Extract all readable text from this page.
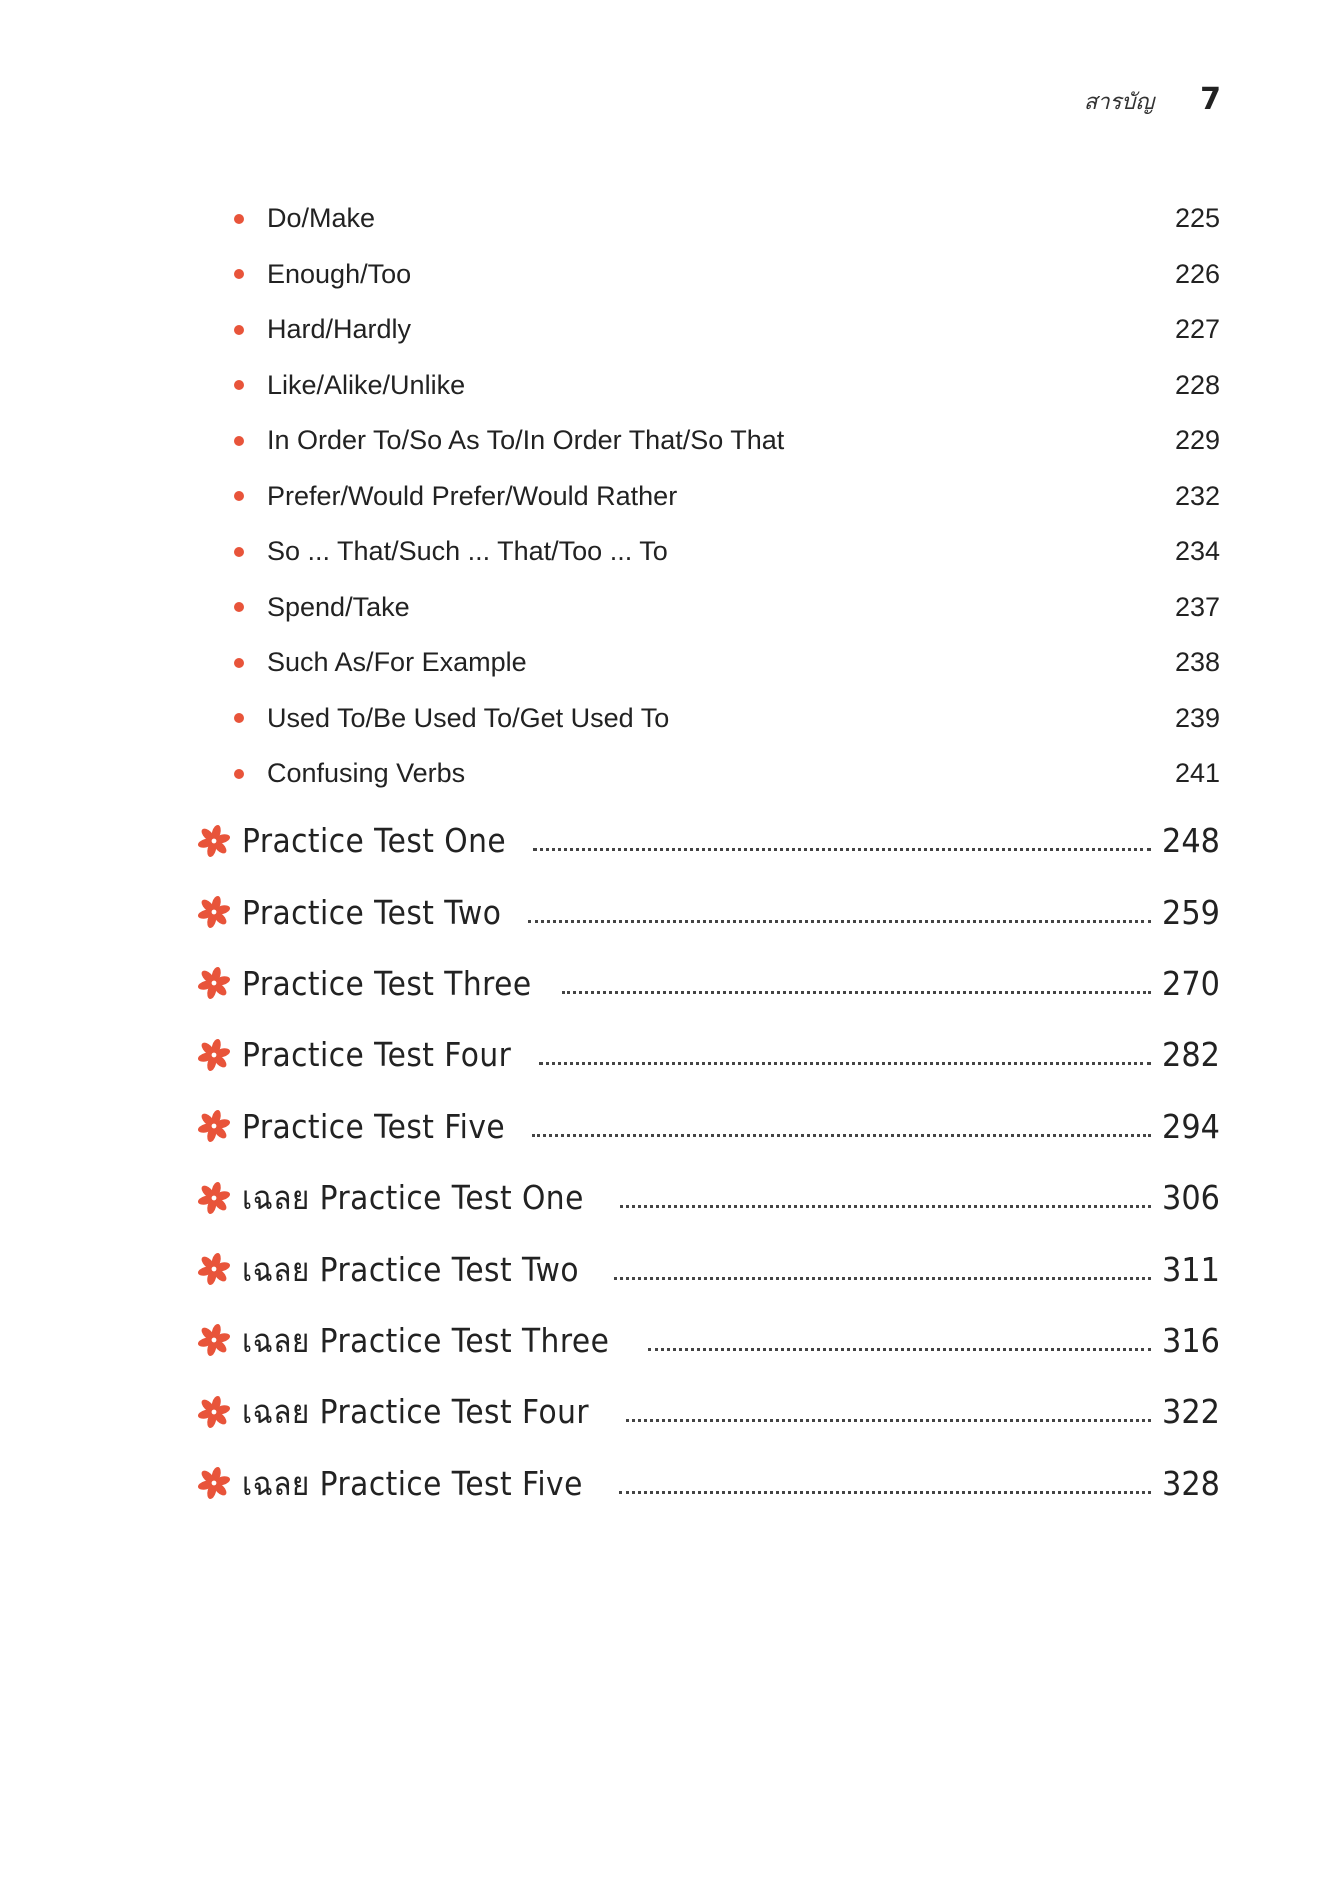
สารบัญ 7
Do/Make	225
Enough/Too	226
Hard/Hardly	227
Like/Alike/Unlike	228
In Order To/So As To/In Order That/So That	229
Prefer/Would Prefer/Would Rather	232
So ... That/Such ... That/Too ... To	234
Spend/Take	237
Such As/For Example	238
Used To/Be Used To/Get Used To	239
Confusing Verbs	241
Practice Test One	248
Practice Test Two	259
Practice Test Three	270
Practice Test Four	282
Practice Test Five	294
เฉลย Practice Test One	306
เฉลย Practice Test Two	311
เฉลย Practice Test Three	316
เฉลย Practice Test Four	322
เฉลย Practice Test Five	328
